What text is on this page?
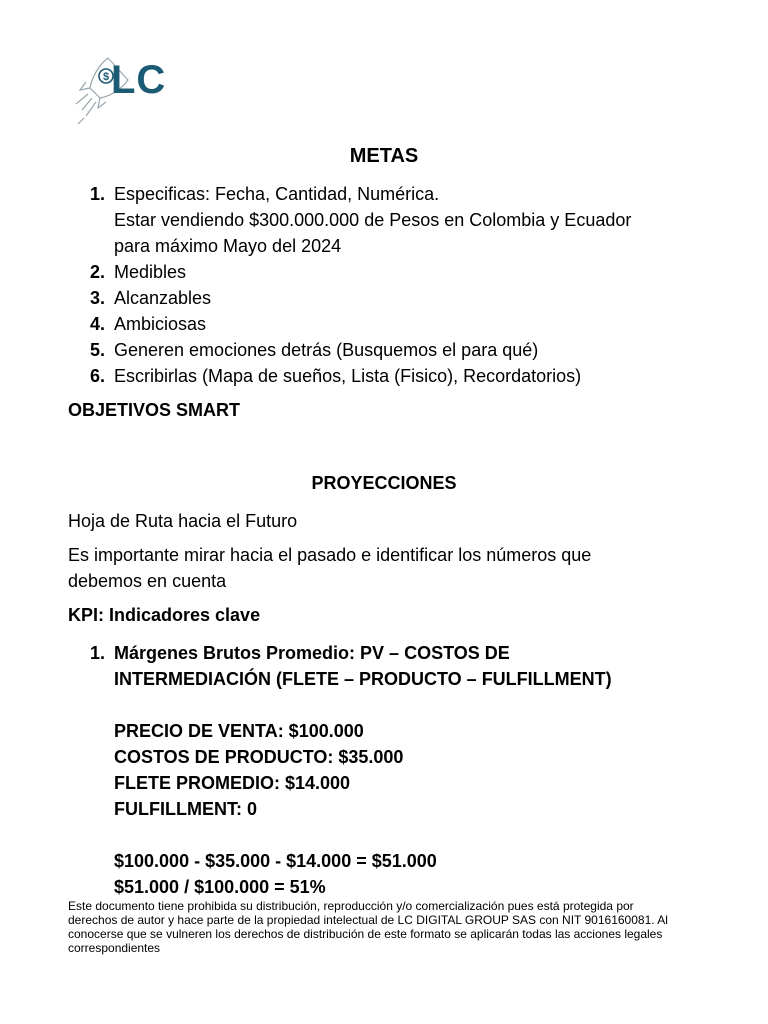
$ LC
METAS
1. Especificas: Fecha, Cantidad, Numérica.
Estar vendiendo $300.000.000 de Pesos en Colombia y Ecuador
para máximo Mayo del 2024
2. Medibles
3. Alcanzables
4. Ambiciosas
5. Generen emociones detrás (Busquemos el para qué)
6. Escribirlas (Mapa de sueños, Lista (Fisico), Recordatorios)
OBJETIVOS SMART
PROYECCIONES
Hoja de Ruta hacia el Futuro
Es importante mirar hacia el pasado e identificar los números que
debemos en cuenta
KPI: Indicadores clave
1. Márgenes Brutos Promedio: PV – COSTOS DE
INTERMEDIACIÓN (FLETE – PRODUCTO – FULFILLMENT)
PRECIO DE VENTA: $100.000
COSTOS DE PRODUCTO: $35.000
FLETE PROMEDIO: $14.000
FULFILLMENT: 0
$100.000 - $35.000 - $14.000 = $51.000
$51.000 / $100.000 = 51%
Este documento tiene prohibida su distribución, reproducción y/o comercialización pues está protegida por
derechos de autor y hace parte de la propiedad intelectual de LC DIGITAL GROUP SAS con NIT 9016160081. Al
conocerse que se vulneren los derechos de distribución de este formato se aplicarán todas las acciones legales
correspondientes
